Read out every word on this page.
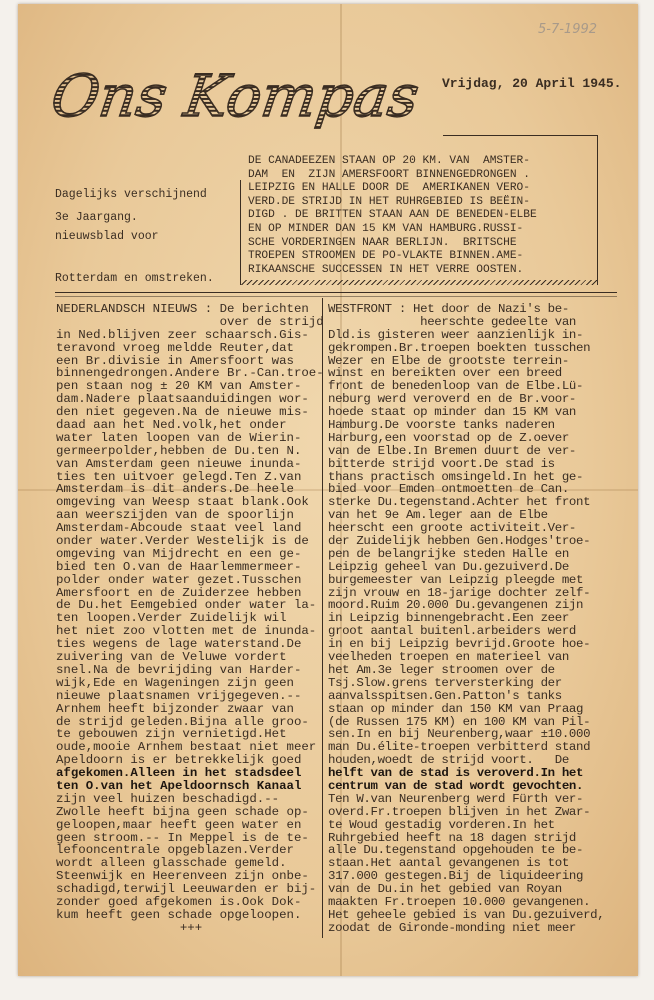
5-7-1992
Ons Kompas Vrijdag, 20 April 1945.
DE CANADEEZEN STAAN OP 20 KM. VAN  AMSTER-
DAM  EN  ZIJN AMERSFOORT BINNENGEDRONGEN .
LEIPZIG EN HALLE DOOR DE  AMERIKANEN VERO-
VERD.DE STRIJD IN HET RUHRGEBIED IS BEËIN-
DIGD . DE BRITTEN STAAN AAN DE BENEDEN-ELBE
EN OP MINDER DAN 15 KM VAN HAMBURG.RUSSI-
SCHE VORDERINGEN NAAR BERLIJN.  BRITSCHE
TROEPEN STROOMEN DE PO-VLAKTE BINNEN.AME-
RIKAANSCHE SUCCESSEN IN HET VERRE OOSTEN.

Dagelijks verschijnend

nieuwsblad voor

Rotterdam en omstreken.

3e Jaargang.
NEDERLANDSCH NIEUWS : De berichten
over de strijd
in Ned.blijven zeer schaarsch.Gis-
teravond vroeg meldde Reuter,dat
een Br.divisie in Amersfoort was
binnengedrongen.Andere Br.-Can.troe-
pen staan nog ± 20 KM van Amster-
dam.Nadere plaatsaanduidingen wor-
den niet gegeven.Na de nieuwe mis-
daad aan het Ned.volk,het onder
water laten loopen van de Wierin-
germeerpolder,hebben de Du.ten N.
van Amsterdam geen nieuwe inunda-
ties ten uitvoer gelegd.Ten Z.van
Amsterdam is dit anders.De heele
omgeving van Weesp staat blank.Ook
aan weerszijden van de spoorlijn
Amsterdam-Abcoude staat veel land
onder water.Verder Westelijk is de
omgeving van Mijdrecht en een ge-
bied ten O.van de Haarlemmermeer-
polder onder water gezet.Tusschen
Amersfoort en de Zuiderzee hebben
de Du.het Eemgebied onder water la-
ten loopen.Verder Zuidelijk wil
het niet zoo vlotten met de inunda-
ties wegens de lage waterstand.De
zuivering van de Veluwe vordert
snel.Na de bevrijding van Harder-
wijk,Ede en Wageningen zijn geen
nieuwe plaatsnamen vrijgegeven.--
Arnhem heeft bijzonder zwaar van
de strijd geleden.Bijna alle groo-
te gebouwen zijn vernietigd.Het
oude,mooie Arnhem bestaat niet meer
Apeldoorn is er betrekkelijk goed
afgekomen.Alleen in het stadsdeel
ten O.van het Apeldoornsch Kanaal
zijn veel huizen beschadigd.--
Zwolle heeft bijna geen schade op-
geloopen,maar heeft geen water en
geen stroom.-- In Meppel is de te-
lefooncentrale opgeblazen.Verder
wordt alleen glasschade gemeld.
Steenwijk en Heerenveen zijn onbe-
schadigd,terwijl Leeuwarden er bij-
zonder goed afgekomen is.Ook Dok-
kum heeft geen schade opgeloopen.
+++
WESTFRONT : Het door de Nazi's be-
heerschte gedeelte van
Dld.is gisteren weer aanzienlijk in-
gekrompen.Br.troepen boekten tusschen
Wezer en Elbe de grootste terrein-
winst en bereikten over een breed
front de benedenloop van de Elbe.Lü-
neburg werd veroverd en de Br.voor-
hoede staat op minder dan 15 KM van
Hamburg.De voorste tanks naderen
Harburg,een voorstad op de Z.oever
van de Elbe.In Bremen duurt de ver-
bitterde strijd voort.De stad is
thans practisch omsingeld.In het ge-
bied voor Emden ontmoetten de Can.
sterke Du.tegenstand.Achter het front
van het 9e Am.leger aan de Elbe
heerscht een groote activiteit.Ver-
der Zuidelijk hebben Gen.Hodges'troe-
pen de belangrijke steden Halle en
Leipzig geheel van Du.gezuiverd.De
burgemeester van Leipzig pleegde met
zijn vrouw en 18-jarige dochter zelf-
moord.Ruim 20.000 Du.gevangenen zijn
in Leipzig binnengebracht.Een zeer
groot aantal buitenl.arbeiders werd
in en bij Leipzig bevrijd.Groote hoe-
veelheden troepen en materieel van
het Am.3e leger stroomen over de
Tsj.Slow.grens terversterking der
aanvalsspitsen.Gen.Patton's tanks
staan op minder dan 150 KM van Praag
(de Russen 175 KM) en 100 KM van Pil-
sen.In en bij Neurenberg,waar ±10.000
man Du.élite-troepen verbitterd stand
houden,woedt de strijd voort.   De
helft van de stad is veroverd.In het
centrum van de stad wordt gevochten.
Ten W.van Neurenberg werd Fürth ver-
overd.Fr.troepen blijven in het Zwar-
te Woud gestadig vorderen.In het
Ruhrgebied heeft na 18 dagen strijd
alle Du.tegenstand opgehouden te be-
staan.Het aantal gevangenen is tot
317.000 gestegen.Bij de liquideering
van de Du.in het gebied van Royan
maakten Fr.troepen 10.000 gevangenen.
Het geheele gebied is van Du.gezuiverd,
zoodat de Gironde-monding niet meer
